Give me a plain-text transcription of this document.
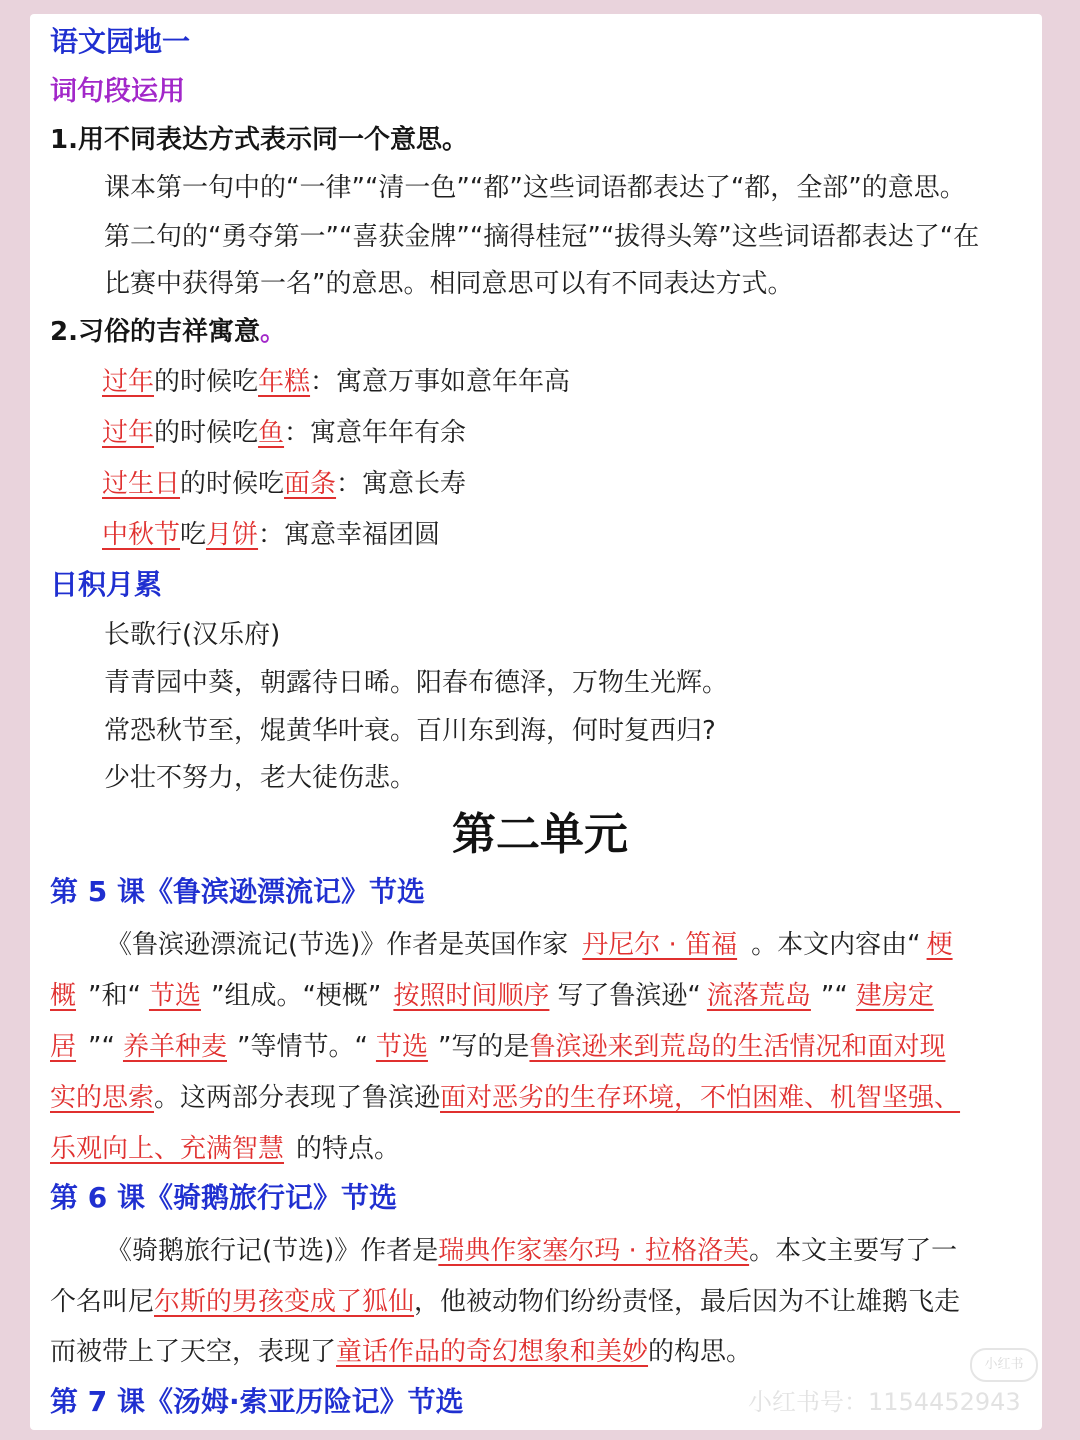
语文园地一
词句段运用
1.用不同表达方式表示同一个意思。
课本第一句中的“一律”“清一色”“都”这些词语都表达了“都，全部”的意思。
第二句的“勇夺第一”“喜获金牌”“摘得桂冠”“拔得头筹”这些词语都表达了“在
比赛中获得第一名”的意思。相同意思可以有不同表达方式。
2.习俗的吉祥寓意。
过年的时候吃年糕：寓意万事如意年年高
过年的时候吃鱼：寓意年年有余
过生日的时候吃面条：寓意长寿
中秋节吃月饼：寓意幸福团圆
日积月累
长歌行(汉乐府)
青青园中葵，朝露待日晞。阳春布德泽，万物生光辉。
常恐秋节至，焜黄华叶衰。百川东到海，何时复西归?
少壮不努力，老大徒伤悲。
第二单元
第 5 课《鲁滨逊漂流记》节选
《鲁滨逊漂流记(节选)》作者是英国作家 丹尼尔 · 笛福 。本文内容由“ 梗
概 ”和“ 节选 ”组成。“梗概” 按照时间顺序 写了鲁滨逊“ 流落荒岛 ”“ 建房定
居 ”“ 养羊种麦 ”等情节。“ 节选 ”写的是鲁滨逊来到荒岛的生活情况和面对现
实的思索。这两部分表现了鲁滨逊面对恶劣的生存环境，不怕困难、机智坚强、
乐观向上、充满智慧 的特点。
第 6 课《骑鹅旅行记》节选
《骑鹅旅行记(节选)》作者是瑞典作家塞尔玛 · 拉格洛芙。本文主要写了一
个名叫尼尔斯的男孩变成了狐仙，他被动物们纷纷责怪，最后因为不让雄鹅飞走
而被带上了天空，表现了童话作品的奇幻想象和美妙的构思。
第 7 课《汤姆·索亚历险记》节选
小红书
小红书号：1154452943
